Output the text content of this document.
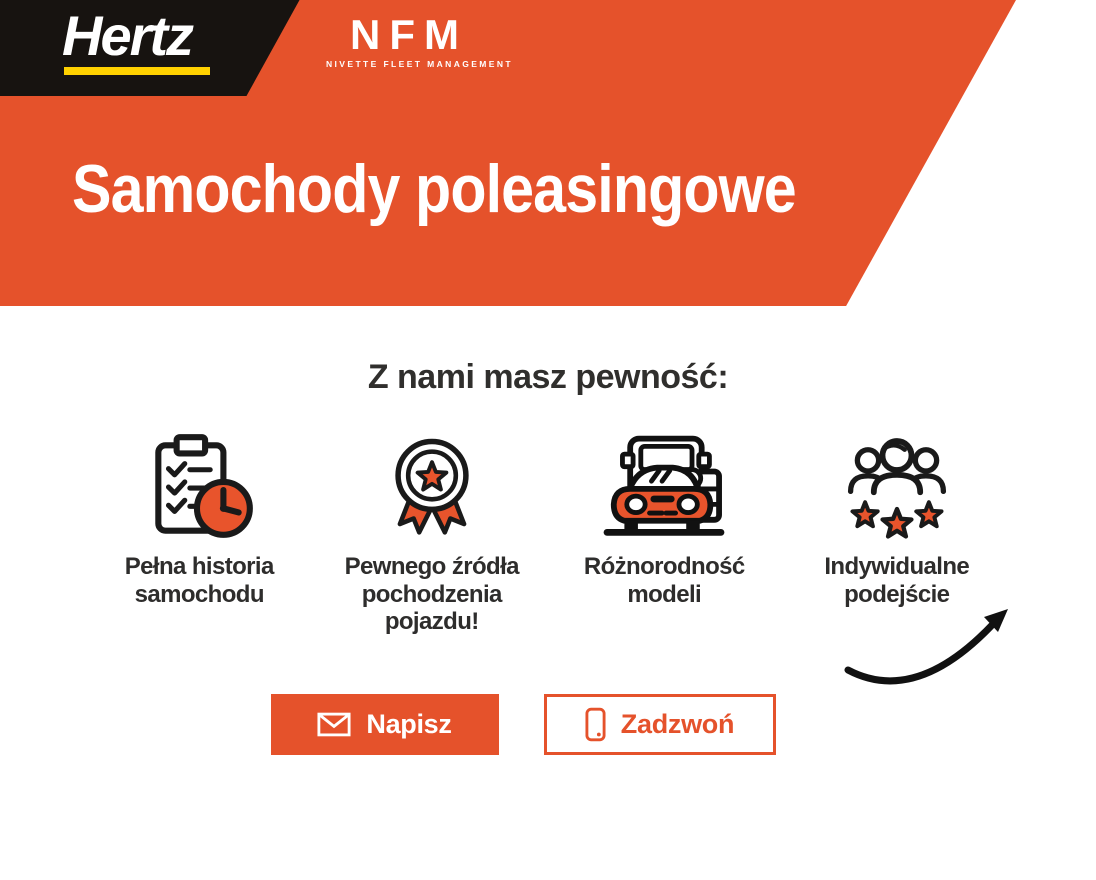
Hertz	NFM
NIVETTE FLEET MANAGEMENT
Samochody poleasingowe
Z nami masz pewność:

Pełna historia
samochodu

Pewnego źródła
pochodzenia pojazdu!

Różnorodność
modeli

Indywidualne
podejście

Napisz	Zadzwoń
